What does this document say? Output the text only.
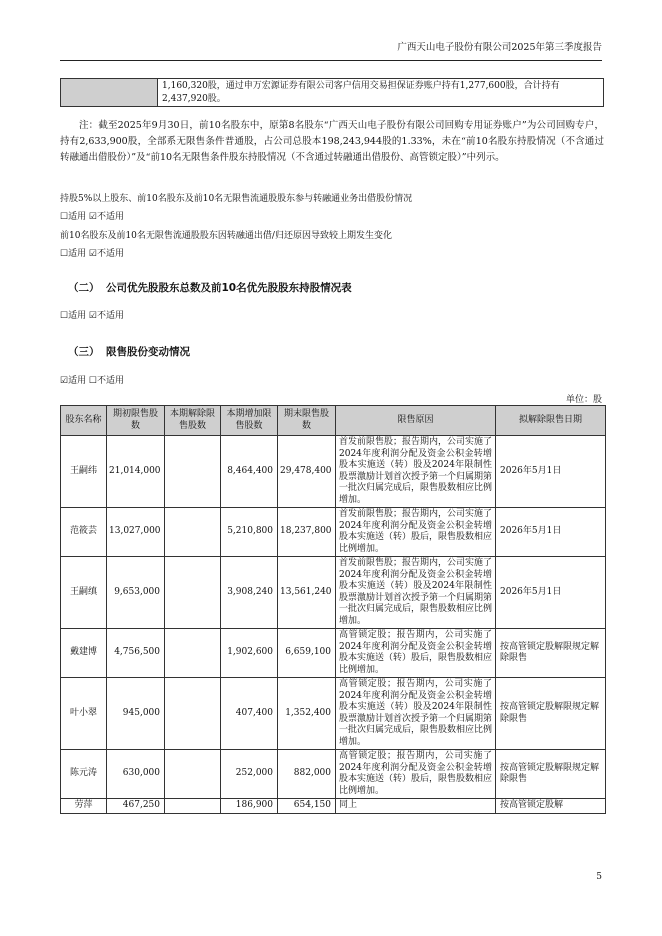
广西天山电子股份有限公司2025年第三季度报告
	1,160,320股，通过申万宏源证券有限公司客户信用交易担保证券账户持有1,277,600股，合计持有2,437,920股。

注：截至2025年9月30日，前10名股东中，原第8名股东“广西天山电子股份有限公司回购专用证券账户”为公司回购专户，持有2,633,900股，全部系无限售条件普通股，占公司总股本198,243,944股的1.33%，未在“前10名股东持股情况（不含通过转融通出借股份）”及“前10名无限售条件股东持股情况（不含通过转融通出借股份、高管锁定股）”中列示。

持股5%以上股东、前10名股东及前10名无限售流通股股东参与转融通业务出借股份情况
☐适用 ☑不适用
前10名股东及前10名无限售流通股股东因转融通出借/归还原因导致较上期发生变化
☐适用 ☑不适用
（二） 公司优先股股东总数及前10名优先股股东持股情况表
☐适用 ☑不适用
（三） 限售股份变动情况
☑适用 ☐不适用
单位：股
股东名称	期初限售股数	本期解除限售股数	本期增加限售股数	期末限售股数	限售原因	拟解除限售日期
王嗣纬	21,014,000		8,464,400	29,478,400	首发前限售股；报告期内，公司实施了2024年度利润分配及资金公积金转增股本实施送（转）股及2024年限制性股票激励计划首次授予第一个归属期第一批次归属完成后，限售股数相应比例增加。	2026年5月1日
范筱芸	13,027,000		5,210,800	18,237,800	首发前限售股；报告期内，公司实施了2024年度利润分配及资金公积金转增股本实施送（转）股后，限售股数相应比例增加。	2026年5月1日
王嗣缜	9,653,000		3,908,240	13,561,240	首发前限售股；报告期内，公司实施了2024年度利润分配及资金公积金转增股本实施送（转）股及2024年限制性股票激励计划首次授予第一个归属期第一批次归属完成后，限售股数相应比例增加。	2026年5月1日
戴建博	4,756,500		1,902,600	6,659,100	高管锁定股；报告期内，公司实施了2024年度利润分配及资金公积金转增股本实施送（转）股后，限售股数相应比例增加。	按高管锁定股解限规定解除限售
叶小翠	945,000		407,400	1,352,400	高管锁定股；报告期内，公司实施了2024年度利润分配及资金公积金转增股本实施送（转）股及2024年限制性股票激励计划首次授予第一个归属期第一批次归属完成后，限售股数相应比例增加。	按高管锁定股解限规定解除限售
陈元涛	630,000		252,000	882,000	高管锁定股；报告期内，公司实施了2024年度利润分配及资金公积金转增股本实施送（转）股后，限售股数相应比例增加。	按高管锁定股解限规定解除限售
劳萍	467,250		186,900	654,150	同上	按高管锁定股解
5
